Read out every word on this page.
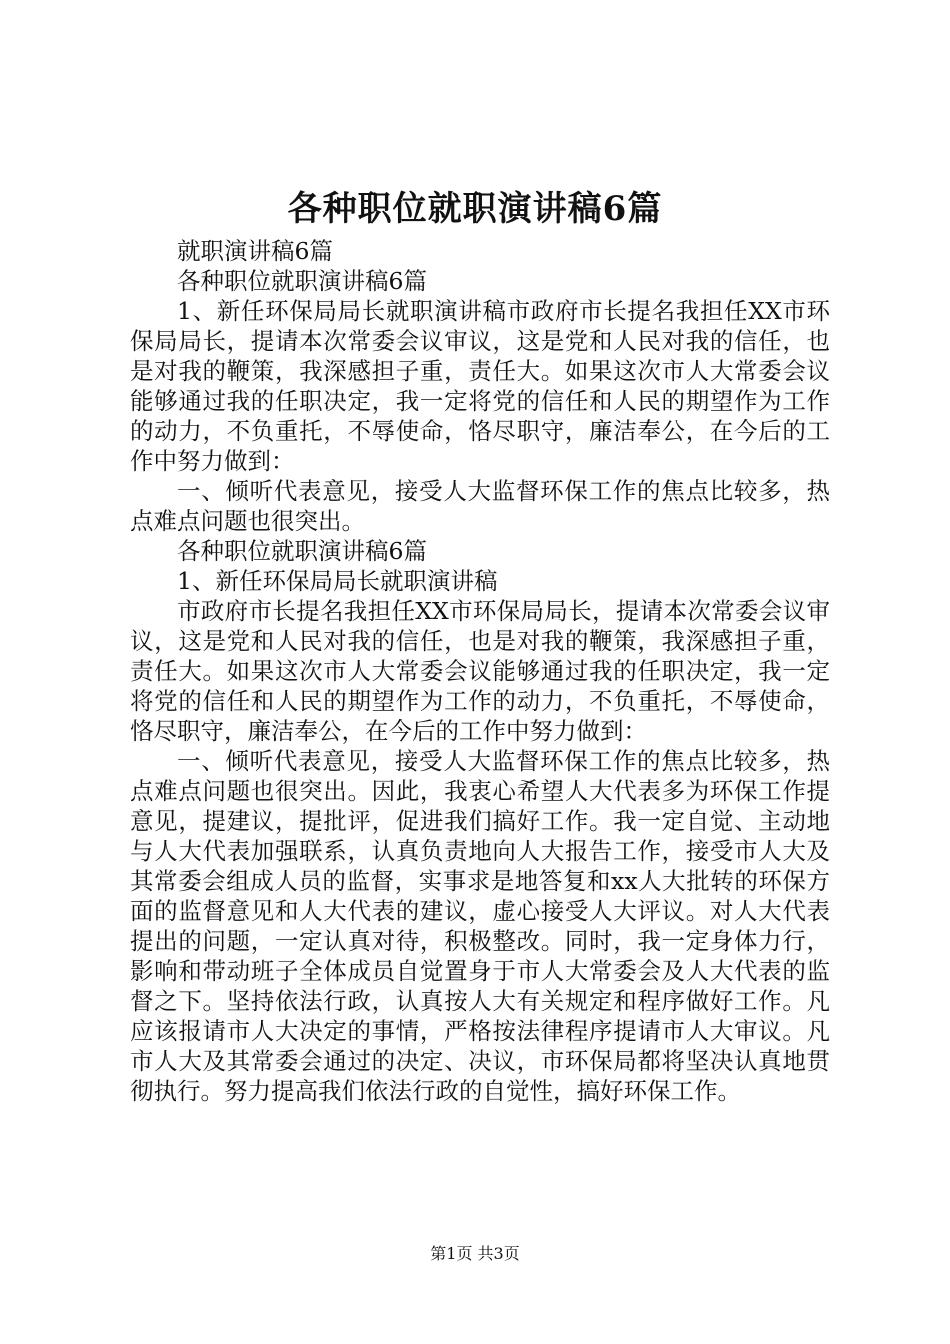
各种职位就职演讲稿6篇

就职演讲稿6篇

各种职位就职演讲稿6篇

1、新任环保局局长就职演讲稿市政府市长提名我担任XX市环保局局长，提请本次常委会议审议，这是党和人民对我的信任，也是对我的鞭策，我深感担子重，责任大。如果这次市人大常委会议能够通过我的任职决定，我一定将党的信任和人民的期望作为工作的动力，不负重托，不辱使命，恪尽职守，廉洁奉公，在今后的工作中努力做到：

一、倾听代表意见，接受人大监督环保工作的焦点比较多，热点难点问题也很突出。

各种职位就职演讲稿6篇

1、新任环保局局长就职演讲稿

市政府市长提名我担任XX市环保局局长，提请本次常委会议审议，这是党和人民对我的信任，也是对我的鞭策，我深感担子重，责任大。如果这次市人大常委会议能够通过我的任职决定，我一定将党的信任和人民的期望作为工作的动力，不负重托，不辱使命，恪尽职守，廉洁奉公，在今后的工作中努力做到：

一、倾听代表意见，接受人大监督环保工作的焦点比较多，热点难点问题也很突出。因此，我衷心希望人大代表多为环保工作提意见，提建议，提批评，促进我们搞好工作。我一定自觉、主动地与人大代表加强联系，认真负责地向人大报告工作，接受市人大及其常委会组成人员的监督，实事求是地答复和xx人大批转的环保方面的监督意见和人大代表的建议，虚心接受人大评议。对人大代表提出的问题，一定认真对待，积极整改。同时，我一定身体力行，影响和带动班子全体成员自觉置身于市人大常委会及人大代表的监督之下。坚持依法行政，认真按人大有关规定和程序做好工作。凡应该报请市人大决定的事情，严格按法律程序提请市人大审议。凡市人大及其常委会通过的决定、决议，市环保局都将坚决认真地贯彻执行。努力提高我们依法行政的自觉性，搞好环保工作。

第1页 共3页
